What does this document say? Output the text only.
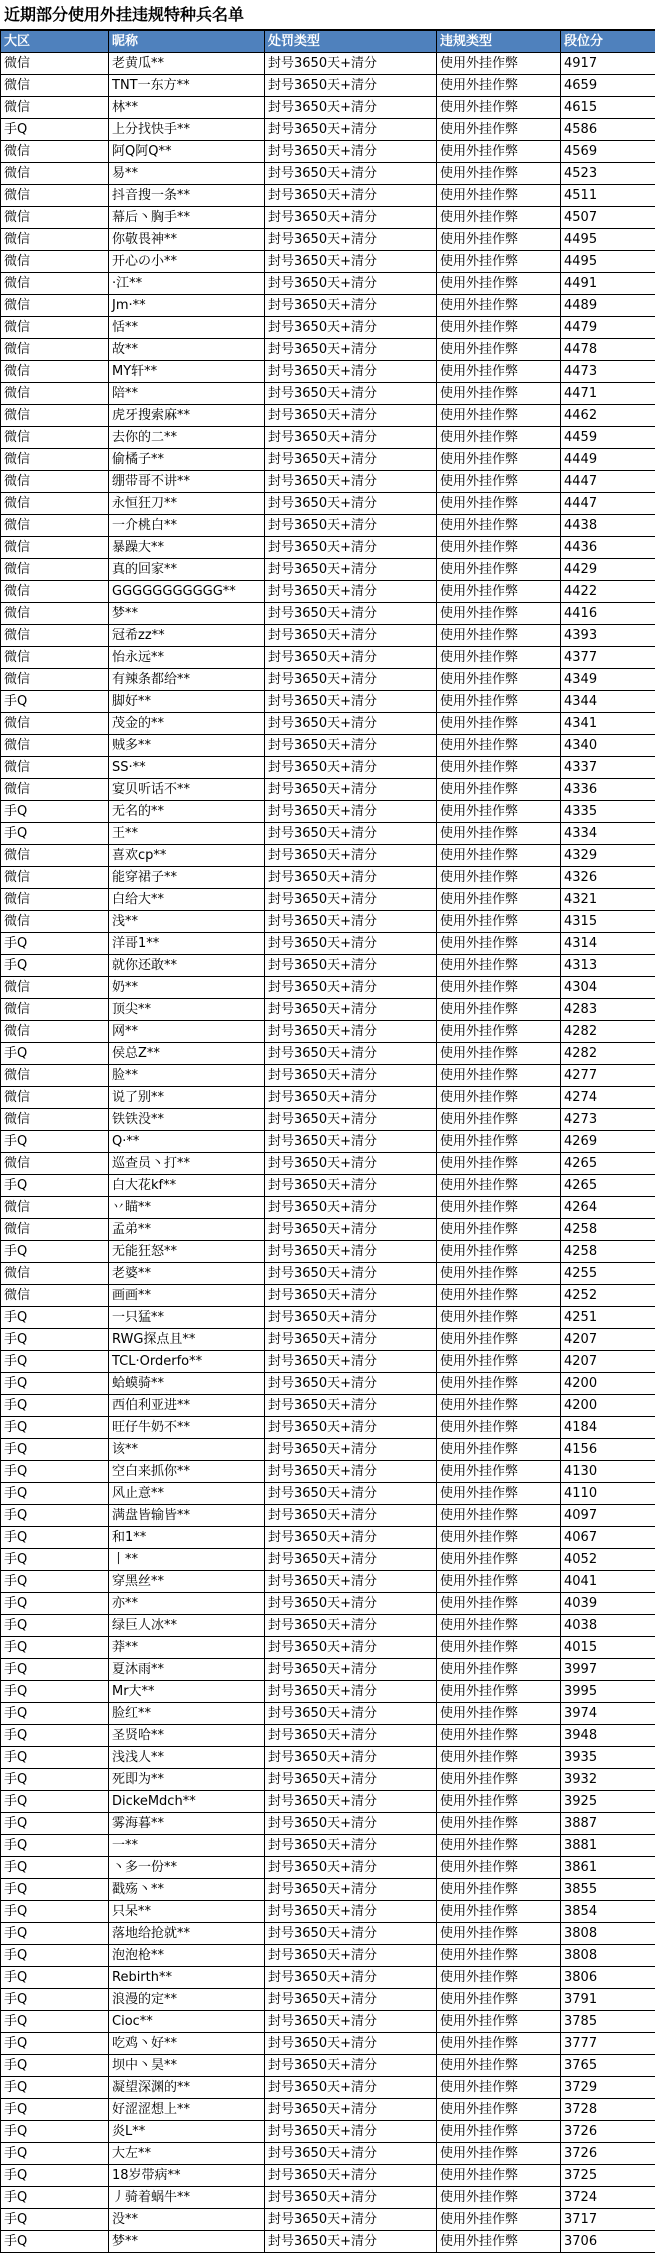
近期部分使用外挂违规特种兵名单
大区	昵称	处罚类型	违规类型	段位分
微信	老黄瓜**	封号3650天+清分	使用外挂作弊	4917
微信	TNT一东方**	封号3650天+清分	使用外挂作弊	4659
微信	林**	封号3650天+清分	使用外挂作弊	4615
手Q	上分找快手**	封号3650天+清分	使用外挂作弊	4586
微信	阿Q阿Q**	封号3650天+清分	使用外挂作弊	4569
微信	易**	封号3650天+清分	使用外挂作弊	4523
微信	抖音搜一条**	封号3650天+清分	使用外挂作弊	4511
微信	幕后丶胸手**	封号3650天+清分	使用外挂作弊	4507
微信	你敬畏神**	封号3650天+清分	使用外挂作弊	4495
微信	开心の小**	封号3650天+清分	使用外挂作弊	4495
微信	·江**	封号3650天+清分	使用外挂作弊	4491
微信	Jm·**	封号3650天+清分	使用外挂作弊	4489
微信	恬**	封号3650天+清分	使用外挂作弊	4479
微信	故**	封号3650天+清分	使用外挂作弊	4478
微信	MY轩**	封号3650天+清分	使用外挂作弊	4473
微信	陪**	封号3650天+清分	使用外挂作弊	4471
微信	虎牙搜索麻**	封号3650天+清分	使用外挂作弊	4462
微信	去你的二**	封号3650天+清分	使用外挂作弊	4459
微信	偷橘子**	封号3650天+清分	使用外挂作弊	4449
微信	绷带哥不讲**	封号3650天+清分	使用外挂作弊	4447
微信	永恒狂刀**	封号3650天+清分	使用外挂作弊	4447
微信	一介桃白**	封号3650天+清分	使用外挂作弊	4438
微信	暴躁大**	封号3650天+清分	使用外挂作弊	4436
微信	真的回家**	封号3650天+清分	使用外挂作弊	4429
微信	GGGGGGGGGGG**	封号3650天+清分	使用外挂作弊	4422
微信	梦**	封号3650天+清分	使用外挂作弊	4416
微信	冠希zz**	封号3650天+清分	使用外挂作弊	4393
微信	怡永远**	封号3650天+清分	使用外挂作弊	4377
微信	有辣条都给**	封号3650天+清分	使用外挂作弊	4349
手Q	脚好**	封号3650天+清分	使用外挂作弊	4344
微信	茂金的**	封号3650天+清分	使用外挂作弊	4341
微信	贼多**	封号3650天+清分	使用外挂作弊	4340
微信	SS·**	封号3650天+清分	使用外挂作弊	4337
微信	宴贝听话不**	封号3650天+清分	使用外挂作弊	4336
手Q	无名的**	封号3650天+清分	使用外挂作弊	4335
手Q	王**	封号3650天+清分	使用外挂作弊	4334
微信	喜欢cp**	封号3650天+清分	使用外挂作弊	4329
微信	能穿裙子**	封号3650天+清分	使用外挂作弊	4326
微信	白给大**	封号3650天+清分	使用外挂作弊	4321
微信	浅**	封号3650天+清分	使用外挂作弊	4315
手Q	洋哥1**	封号3650天+清分	使用外挂作弊	4314
手Q	就你还敢**	封号3650天+清分	使用外挂作弊	4313
微信	奶**	封号3650天+清分	使用外挂作弊	4304
微信	顶尖**	封号3650天+清分	使用外挂作弊	4283
微信	网**	封号3650天+清分	使用外挂作弊	4282
手Q	侯总Z**	封号3650天+清分	使用外挂作弊	4282
微信	脸**	封号3650天+清分	使用外挂作弊	4277
微信	说了别**	封号3650天+清分	使用外挂作弊	4274
微信	铁铁没**	封号3650天+清分	使用外挂作弊	4273
手Q	Q·**	封号3650天+清分	使用外挂作弊	4269
微信	巡查员丶打**	封号3650天+清分	使用外挂作弊	4265
手Q	白大花kf**	封号3650天+清分	使用外挂作弊	4265
微信	丷瞄**	封号3650天+清分	使用外挂作弊	4264
微信	孟弟**	封号3650天+清分	使用外挂作弊	4258
手Q	无能狂怒**	封号3650天+清分	使用外挂作弊	4258
微信	老婆**	封号3650天+清分	使用外挂作弊	4255
微信	画画**	封号3650天+清分	使用外挂作弊	4252
手Q	一只猛**	封号3650天+清分	使用外挂作弊	4251
手Q	RWG探点且**	封号3650天+清分	使用外挂作弊	4207
手Q	TCL·Orderfo**	封号3650天+清分	使用外挂作弊	4207
手Q	蛤蟆骑**	封号3650天+清分	使用外挂作弊	4200
手Q	西伯利亚进**	封号3650天+清分	使用外挂作弊	4200
手Q	旺仔牛奶不**	封号3650天+清分	使用外挂作弊	4184
手Q	该**	封号3650天+清分	使用外挂作弊	4156
手Q	空白来抓你**	封号3650天+清分	使用外挂作弊	4130
手Q	风止意**	封号3650天+清分	使用外挂作弊	4110
手Q	满盘皆输皆**	封号3650天+清分	使用外挂作弊	4097
手Q	和1**	封号3650天+清分	使用外挂作弊	4067
手Q	丨**	封号3650天+清分	使用外挂作弊	4052
手Q	穿黑丝**	封号3650天+清分	使用外挂作弊	4041
手Q	亦**	封号3650天+清分	使用外挂作弊	4039
手Q	绿巨人冰**	封号3650天+清分	使用外挂作弊	4038
手Q	莽**	封号3650天+清分	使用外挂作弊	4015
手Q	夏沐雨**	封号3650天+清分	使用外挂作弊	3997
手Q	Mr大**	封号3650天+清分	使用外挂作弊	3995
手Q	脸红**	封号3650天+清分	使用外挂作弊	3974
手Q	圣贤哈**	封号3650天+清分	使用外挂作弊	3948
手Q	浅浅人**	封号3650天+清分	使用外挂作弊	3935
手Q	死即为**	封号3650天+清分	使用外挂作弊	3932
手Q	DickeMdch**	封号3650天+清分	使用外挂作弊	3925
手Q	雾海暮**	封号3650天+清分	使用外挂作弊	3887
手Q	一**	封号3650天+清分	使用外挂作弊	3881
手Q	丶多一份**	封号3650天+清分	使用外挂作弊	3861
手Q	戳殇丶**	封号3650天+清分	使用外挂作弊	3855
手Q	只呆**	封号3650天+清分	使用外挂作弊	3854
手Q	落地给抢就**	封号3650天+清分	使用外挂作弊	3808
手Q	泡泡枪**	封号3650天+清分	使用外挂作弊	3808
手Q	Rebirth**	封号3650天+清分	使用外挂作弊	3806
手Q	浪漫的定**	封号3650天+清分	使用外挂作弊	3791
手Q	Cioc**	封号3650天+清分	使用外挂作弊	3785
手Q	吃鸡丶好**	封号3650天+清分	使用外挂作弊	3777
手Q	坝中丶昊**	封号3650天+清分	使用外挂作弊	3765
手Q	凝望深渊的**	封号3650天+清分	使用外挂作弊	3729
手Q	好涩涩想上**	封号3650天+清分	使用外挂作弊	3728
手Q	炎L**	封号3650天+清分	使用外挂作弊	3726
手Q	大左**	封号3650天+清分	使用外挂作弊	3726
手Q	18岁带病**	封号3650天+清分	使用外挂作弊	3725
手Q	丿骑着蜗牛**	封号3650天+清分	使用外挂作弊	3724
手Q	没**	封号3650天+清分	使用外挂作弊	3717
手Q	梦**	封号3650天+清分	使用外挂作弊	3706
